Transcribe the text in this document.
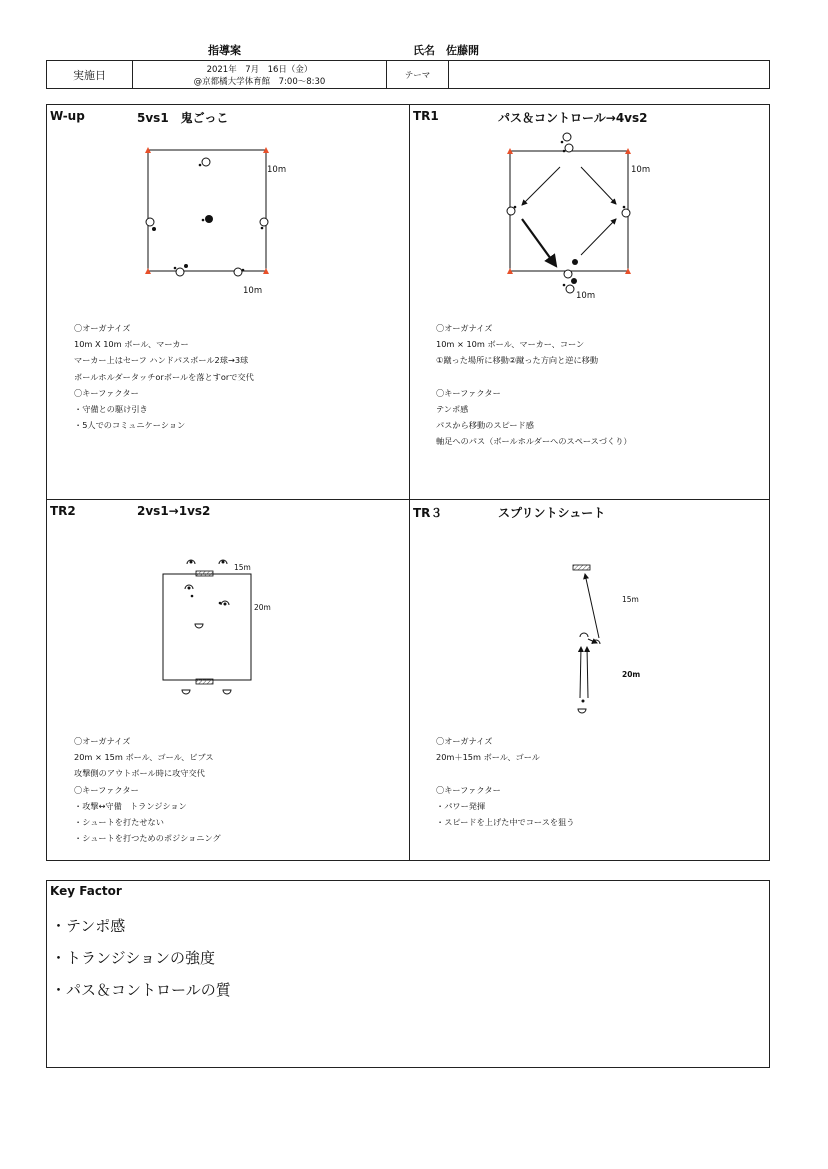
指導案	氏名　佐藤開
実施日	2021年　7月　16日（金）
@京都橘大学体育館　7:00〜8:30
テーマ
W-up	5vs1　鬼ごっこ
10m
10m
〇オーガナイズ
10m X 10m ボール、マーカー
マーカー上はセーフ ハンドパスボール2球→3球
ボールホルダータッチorボールを落とすorで交代
〇キーファクター
・守備との駆け引き
・5人でのコミュニケーション
TR1	パス＆コントロール→4vs2
10m
10m
〇オーガナイズ
10m × 10m ボール、マーカー、コーン
①蹴った場所に移動②蹴った方向と逆に移動
〇キーファクター
テンポ感
パスから移動のスピード感
軸足へのパス（ボールホルダーへのスペースづくり）
TR2	2vs1→1vs2
15m
20m
〇オーガナイズ
20m × 15m ボール、ゴール、ビブス
攻撃側のアウトボール時に攻守交代
〇キーファクター
・攻撃↔守備　トランジション
・シュートを打たせない
・シュートを打つためのポジショニング
TR３	スプリントシュート
15m
20m
〇オーガナイズ
20m＋15m ボール、ゴール
〇キーファクター
・パワー発揮
・スピードを上げた中でコースを狙う
Key Factor
・テンポ感
・トランジションの強度
・パス＆コントロールの質
